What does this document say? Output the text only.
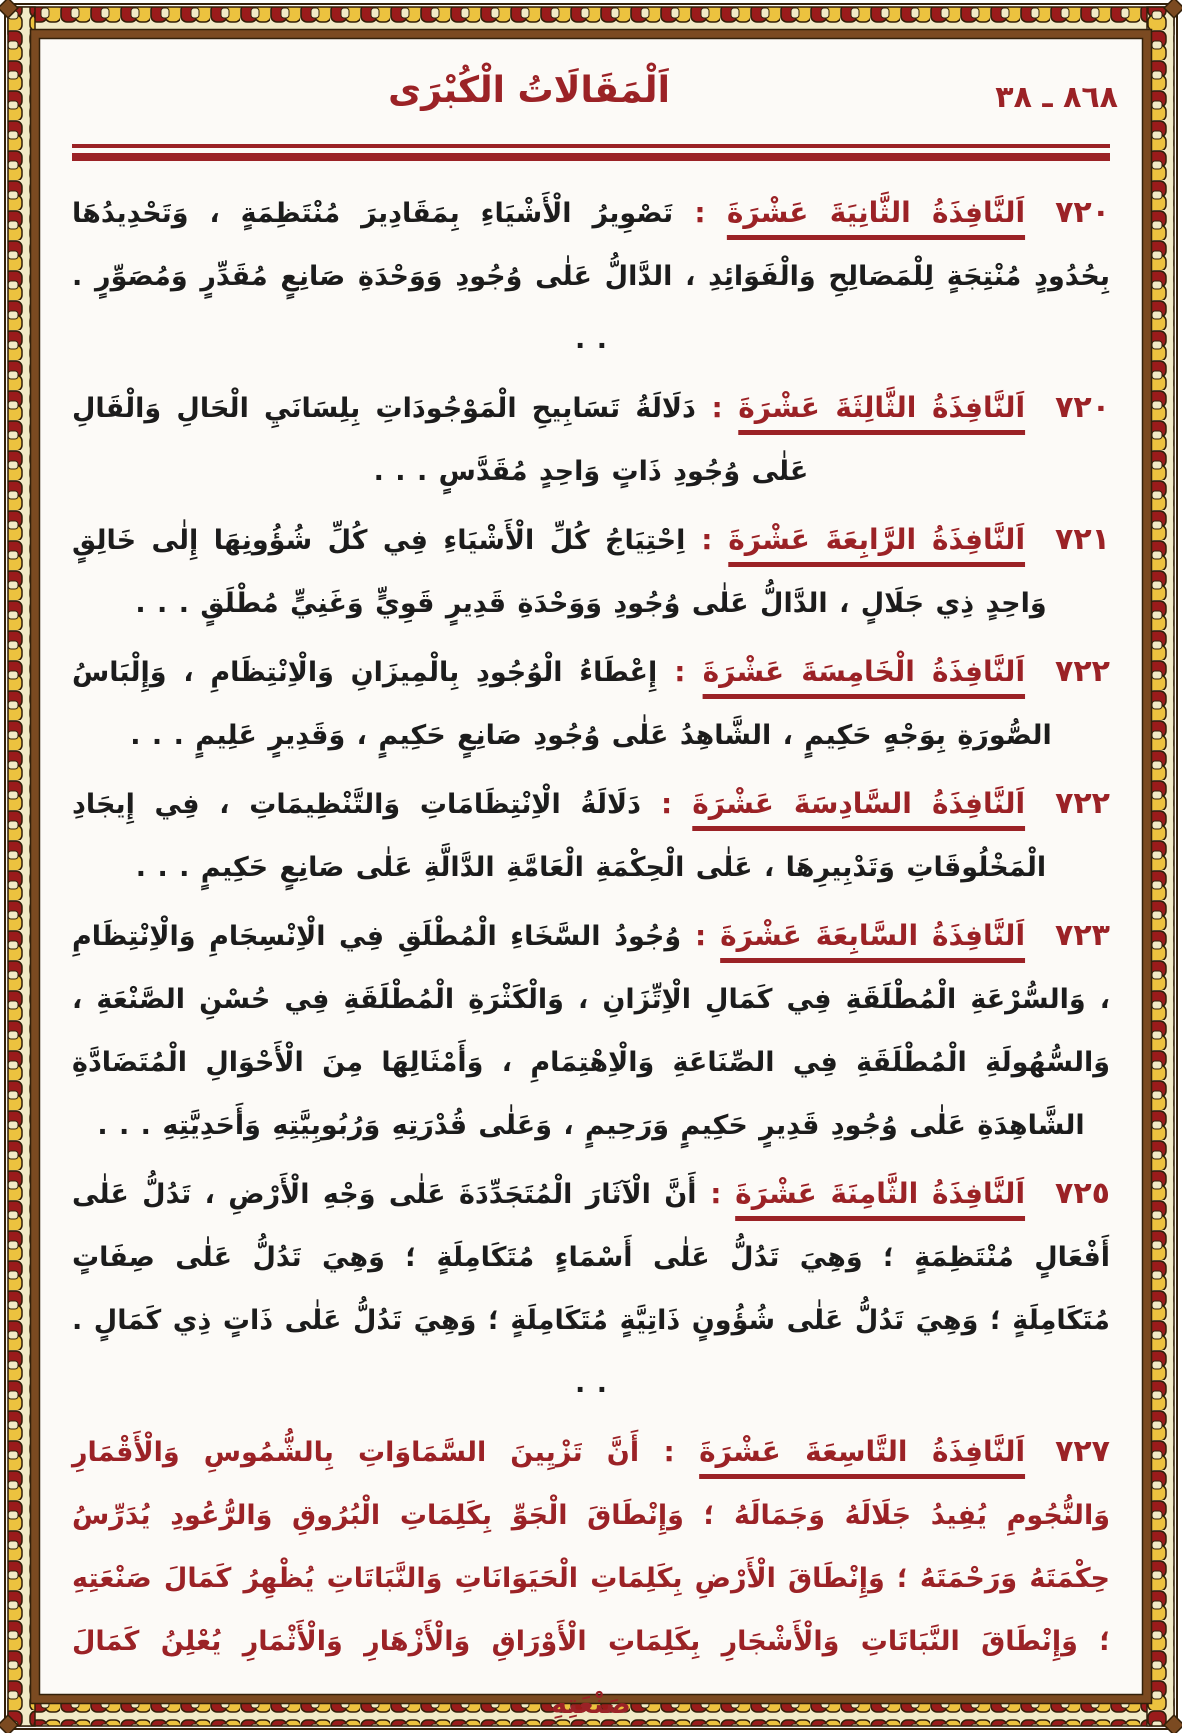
اَلْمَقَالَاتُ الْكُبْرَى	٨٦٨ ـ ٣٨

٧٢٠اَلنَّافِذَةُ الثَّانِيَةَ عَشْرَةَ : تَصْوِيرُ الْأَشْيَاءِ بِمَقَادِيرَ مُنْتَظِمَةٍ ، وَتَحْدِيدُهَا بِحُدُودٍ مُنْتِجَةٍ لِلْمَصَالِحِ وَالْفَوَائِدِ ، الدَّالُّ عَلٰى وُجُودِ وَوَحْدَةِ صَانِعٍ مُقَدِّرٍ وَمُصَوِّرٍ . . .

٧٢٠اَلنَّافِذَةُ الثَّالِثَةَ عَشْرَةَ : دَلَالَةُ تَسَابِيحِ الْمَوْجُودَاتِ بِلِسَانَيِ الْحَالِ وَالْقَالِ عَلٰى وُجُودِ ذَاتٍ وَاحِدٍ مُقَدَّسٍ . . .

٧٢١اَلنَّافِذَةُ الرَّابِعَةَ عَشْرَةَ : اِحْتِيَاجُ كُلِّ الْأَشْيَاءِ فِي كُلِّ شُؤُونِهَا إِلٰى خَالِقٍ وَاحِدٍ ذِي جَلَالٍ ، الدَّالُّ عَلٰى وُجُودِ وَوَحْدَةِ قَدِيرٍ قَوِيٍّ وَغَنِيٍّ مُطْلَقٍ . . .

٧٢٢اَلنَّافِذَةُ الْخَامِسَةَ عَشْرَةَ : إِعْطَاءُ الْوُجُودِ بِالْمِيزَانِ وَالْاِنْتِظَامِ ، وَإِلْبَاسُ الصُّورَةِ بِوَجْهٍ حَكِيمٍ ، الشَّاهِدُ عَلٰى وُجُودِ صَانِعٍ حَكِيمٍ ، وَقَدِيرٍ عَلِيمٍ . . .

٧٢٢اَلنَّافِذَةُ السَّادِسَةَ عَشْرَةَ : دَلَالَةُ الْاِنْتِظَامَاتِ وَالتَّنْظِيمَاتِ ، فِي إِيجَادِ الْمَخْلُوقَاتِ وَتَدْبِيرِهَا ، عَلٰى الْحِكْمَةِ الْعَامَّةِ الدَّالَّةِ عَلٰى صَانِعٍ حَكِيمٍ . . .

٧٢٣اَلنَّافِذَةُ السَّابِعَةَ عَشْرَةَ : وُجُودُ السَّخَاءِ الْمُطْلَقِ فِي الْاِنْسِجَامِ وَالْاِنْتِظَامِ ، وَالسُّرْعَةِ الْمُطْلَقَةِ فِي كَمَالِ الْاِتِّزَانِ ، وَالْكَثْرَةِ الْمُطْلَقَةِ فِي حُسْنِ الصَّنْعَةِ ، وَالسُّهُولَةِ الْمُطْلَقَةِ فِي الصِّنَاعَةِ وَالْاِهْتِمَامِ ، وَأَمْثَالِهَا مِنَ الْأَحْوَالِ الْمُتَضَادَّةِ الشَّاهِدَةِ عَلٰى وُجُودِ قَدِيرٍ حَكِيمٍ وَرَحِيمٍ ، وَعَلٰى قُدْرَتِهِ وَرُبُوبِيَّتِهِ وَأَحَدِيَّتِهِ . . .

٧٢٥اَلنَّافِذَةُ الثَّامِنَةَ عَشْرَةَ : أَنَّ الْآثَارَ الْمُتَجَدِّدَةَ عَلٰى وَجْهِ الْأَرْضِ ، تَدُلُّ عَلٰى أَفْعَالٍ مُنْتَظِمَةٍ ؛ وَهِيَ تَدُلُّ عَلٰى أَسْمَاءٍ مُتَكَامِلَةٍ ؛ وَهِيَ تَدُلُّ عَلٰى صِفَاتٍ مُتَكَامِلَةٍ ؛ وَهِيَ تَدُلُّ عَلٰى شُؤُونٍ ذَاتِيَّةٍ مُتَكَامِلَةٍ ؛ وَهِيَ تَدُلُّ عَلٰى ذَاتٍ ذِي كَمَالٍ . . .

٧٢٧اَلنَّافِذَةُ التَّاسِعَةَ عَشْرَةَ : أَنَّ تَزْيِينَ السَّمَاوَاتِ بِالشُّمُوسِ وَالْأَقْمَارِ وَالنُّجُومِ يُفِيدُ جَلَالَهُ وَجَمَالَهُ ؛ وَإِنْطَاقَ الْجَوِّ بِكَلِمَاتِ الْبُرُوقِ وَالرُّعُودِ يُدَرِّسُ حِكْمَتَهُ وَرَحْمَتَهُ ؛ وَإِنْطَاقَ الْأَرْضِ بِكَلِمَاتِ الْحَيَوَانَاتِ وَالنَّبَاتَاتِ يُظْهِرُ كَمَالَ صَنْعَتِهِ ؛ وَإِنْطَاقَ النَّبَاتَاتِ وَالْأَشْجَارِ بِكَلِمَاتِ الْأَوْرَاقِ وَالْأَزْهَارِ وَالْأَثْمَارِ يُعْلِنُ كَمَالَ صَنْعَتِهِ
